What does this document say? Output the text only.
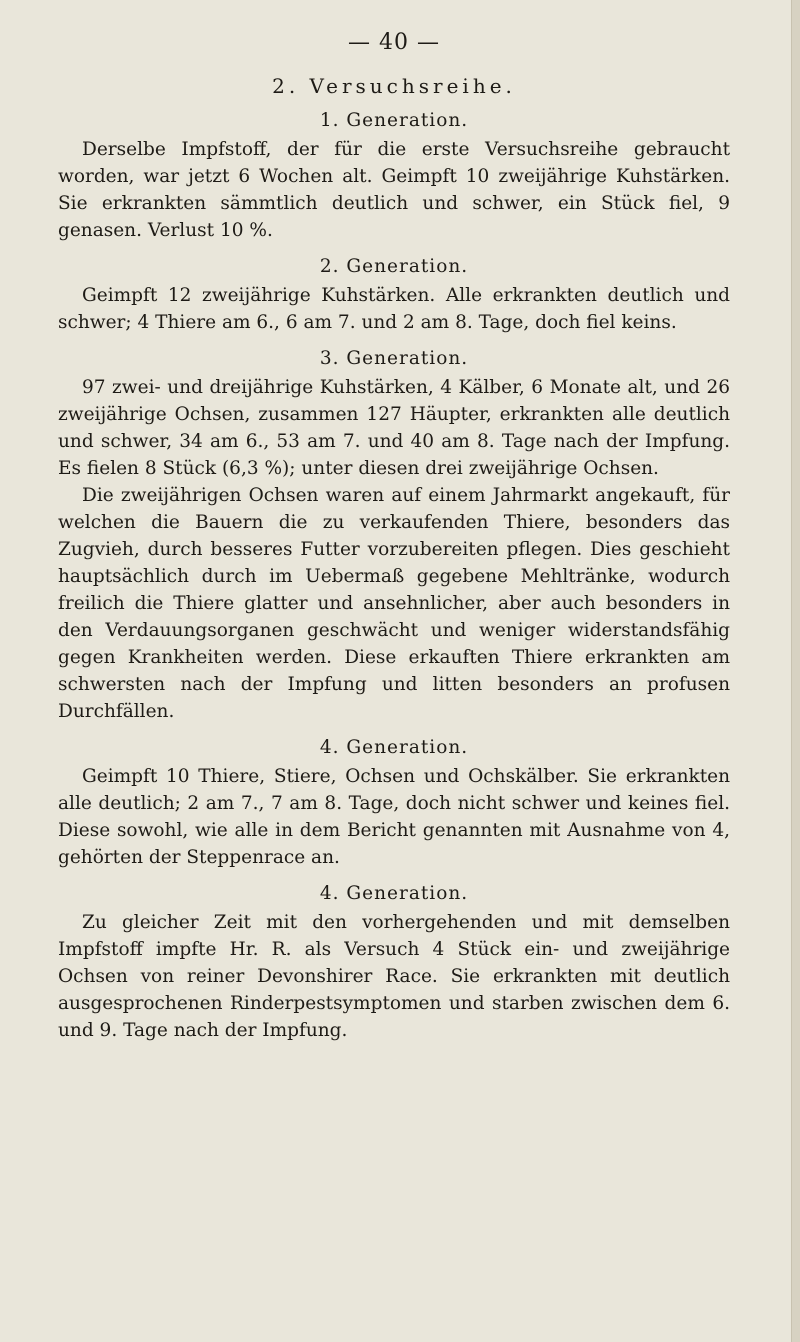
— 40 —
2. Versuchsreihe.
1. Generation.

Derselbe Impfstoff, der für die erste Versuchsreihe gebraucht worden, war jetzt 6 Wochen alt. Geimpft 10 zweijährige Kuhstärken. Sie erkrankten sämmtlich deutlich und schwer, ein Stück fiel, 9 genasen. Verlust 10 %.

2. Generation.

Geimpft 12 zweijährige Kuhstärken. Alle erkrankten deutlich und schwer; 4 Thiere am 6., 6 am 7. und 2 am 8. Tage, doch fiel keins.

3. Generation.

97 zwei- und dreijährige Kuhstärken, 4 Kälber, 6 Monate alt, und 26 zweijährige Ochsen, zusammen 127 Häupter, erkrankten alle deutlich und schwer, 34 am 6., 53 am 7. und 40 am 8. Tage nach der Impfung. Es fielen 8 Stück (6,3 %); unter diesen drei zweijährige Ochsen.

Die zweijährigen Ochsen waren auf einem Jahrmarkt angekauft, für welchen die Bauern die zu verkaufenden Thiere, besonders das Zugvieh, durch besseres Futter vorzubereiten pflegen. Dies geschieht hauptsächlich durch im Uebermaß gegebene Mehltränke, wodurch freilich die Thiere glatter und ansehnlicher, aber auch besonders in den Verdauungsorganen geschwächt und weniger widerstandsfähig gegen Krankheiten werden. Diese erkauften Thiere erkrankten am schwersten nach der Impfung und litten besonders an profusen Durchfällen.

4. Generation.

Geimpft 10 Thiere, Stiere, Ochsen und Ochskälber. Sie erkrankten alle deutlich; 2 am 7., 7 am 8. Tage, doch nicht schwer und keines fiel. Diese sowohl, wie alle in dem Bericht genannten mit Ausnahme von 4, gehörten der Steppenrace an.

4. Generation.

Zu gleicher Zeit mit den vorhergehenden und mit demselben Impfstoff impfte Hr. R. als Versuch 4 Stück ein- und zweijährige Ochsen von reiner Devonshirer Race. Sie erkrankten mit deutlich ausgesprochenen Rinderpestsymptomen und starben zwischen dem 6. und 9. Tage nach der Impfung.
